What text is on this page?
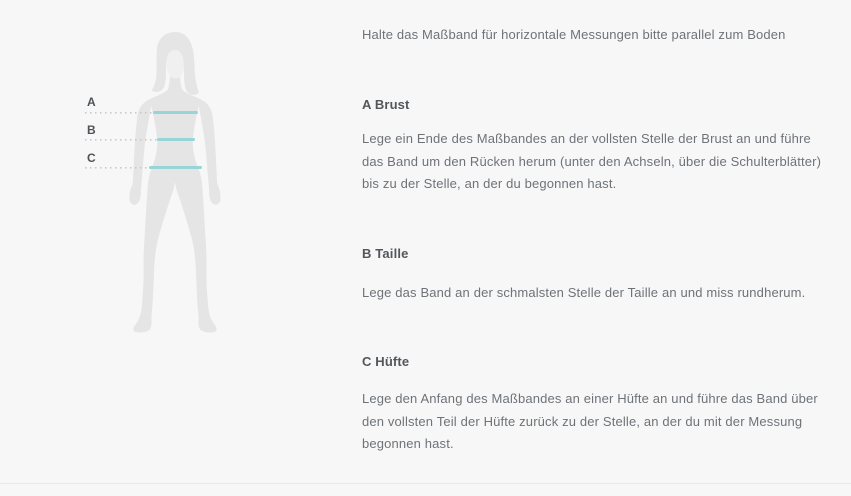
A
B
C

Halte das Maßband für horizontale Messungen bitte parallel zum Boden

A Brust

Lege ein Ende des Maßbandes an der vollsten Stelle der Brust an und führe das Band um den Rücken herum (unter den Achseln, über die Schulterblätter) bis zu der Stelle, an der du begonnen hast.

B Taille

Lege das Band an der schmalsten Stelle der Taille an und miss rundherum.

C Hüfte

Lege den Anfang des Maßbandes an einer Hüfte an und führe das Band über den vollsten Teil der Hüfte zurück zu der Stelle, an der du mit der Messung begonnen hast.
